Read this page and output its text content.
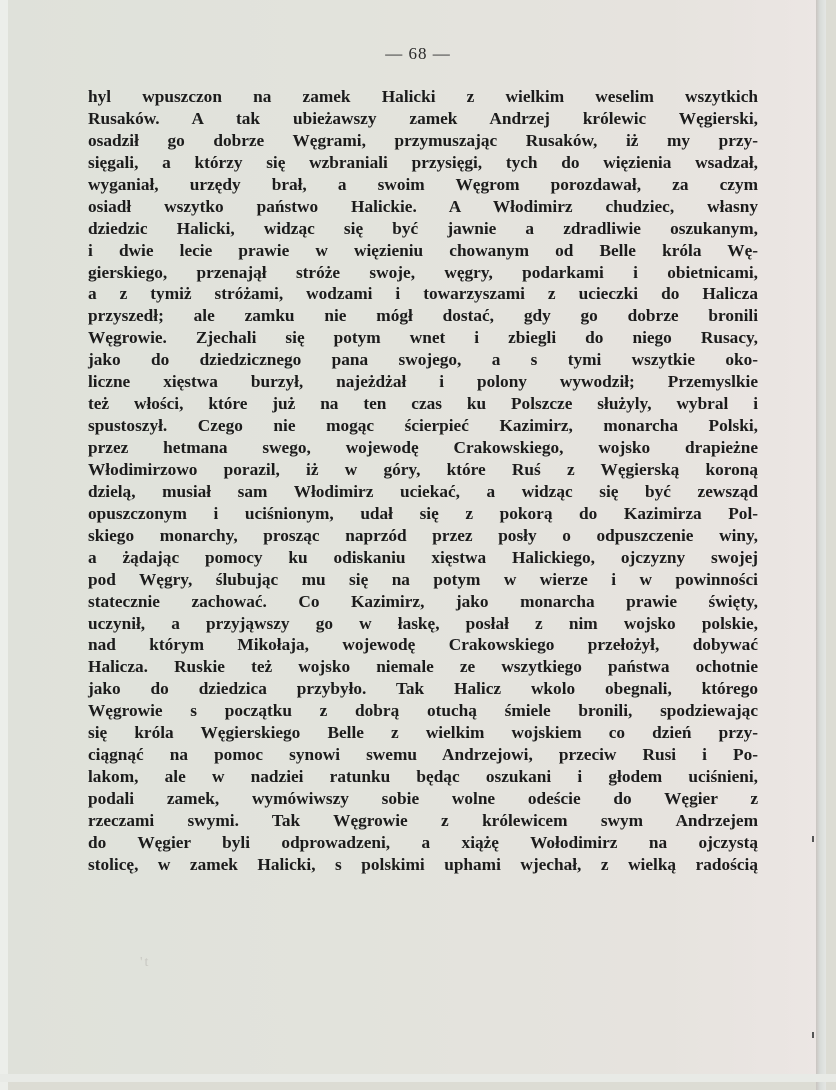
— 68 —
hyl wpuszczon na zamek Halicki z wielkim weselim wszytkich
Rusaków. A tak ubieżawszy zamek Andrzej królewic Węgierski,
osadził go dobrze Węgrami, przymuszając Rusaków, iż my przy-
sięgali, a którzy się wzbraniali przysięgi, tych do więzienia wsadzał,
wyganiał, urzędy brał, a swoim Węgrom porozdawał, za czym
osiadł wszytko państwo Halickie. A Włodimirz chudziec, własny
dziedzic Halicki, widząc się być jawnie a zdradliwie oszukanym,
i dwie lecie prawie w więzieniu chowanym od Belle króla Wę-
gierskiego, przenajął stróże swoje, węgry, podarkami i obietnicami,
a z tymiż stróżami, wodzami i towarzyszami z ucieczki do Halicza
przyszedł; ale zamku nie mógł dostać, gdy go dobrze bronili
Węgrowie. Zjechali się potym wnet i zbiegli do niego Rusacy,
jako do dziedzicznego pana swojego, a s tymi wszytkie oko-
liczne xięstwa burzył, najeżdżał i polony wywodził; Przemyslkie
też włości, które już na ten czas ku Polszcze służyly, wybral i
spustoszył. Czego nie mogąc ścierpieć Kazimirz, monarcha Polski,
przez hetmana swego, wojewodę Crakowskiego, wojsko drapieżne
Włodimirzowo porazil, iż w góry, które Ruś z Węgierską koroną
dzielą, musiał sam Włodimirz uciekać, a widząc się być zewsząd
opuszczonym i uciśnionym, udał się z pokorą do Kazimirza Pol-
skiego monarchy, prosząc naprzód przez posły o odpuszczenie winy,
a żądając pomocy ku odiskaniu xięstwa Halickiego, ojczyzny swojej
pod Węgry, ślubując mu się na potym w wierze i w powinności
statecznie zachować. Co Kazimirz, jako monarcha prawie święty,
uczynił, a przyjąwszy go w łaskę, posłał z nim wojsko polskie,
nad którym Mikołaja, wojewodę Crakowskiego przełożył, dobywać
Halicza. Ruskie też wojsko niemale ze wszytkiego państwa ochotnie
jako do dziedzica przybyło. Tak Halicz wkolo obegnali, którego
Węgrowie s początku z dobrą otuchą śmiele bronili, spodziewając
się króla Węgierskiego Belle z wielkim wojskiem co dzień przy-
ciągnąć na pomoc synowi swemu Andrzejowi, przeciw Rusi i Po-
lakom, ale w nadziei ratunku będąc oszukani i głodem uciśnieni,
podali zamek, wymówiwszy sobie wolne odeście do Węgier z
rzeczami swymi. Tak Węgrowie z królewicem swym Andrzejem
do Węgier byli odprowadzeni, a xiążę Wołodimirz na ojczystą
stolicę, w zamek Halicki, s polskimi uphami wjechał, z wielką radością
't
